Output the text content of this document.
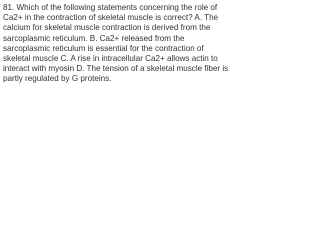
81. Which of the following statements concerning the role of Ca2+ in the contraction of skeletal muscle is correct? A. The calcium for skeletal muscle contraction is derived from the sarcoplasmic reticulum. B. Ca2+ released from the sarcoplasmic reticulum is essential for the contraction of skeletal muscle C. A rise in intracellular Ca2+ allows actin to interact with myosin D. The tension of a skeletal muscle fiber is partly regulated by G proteins.
